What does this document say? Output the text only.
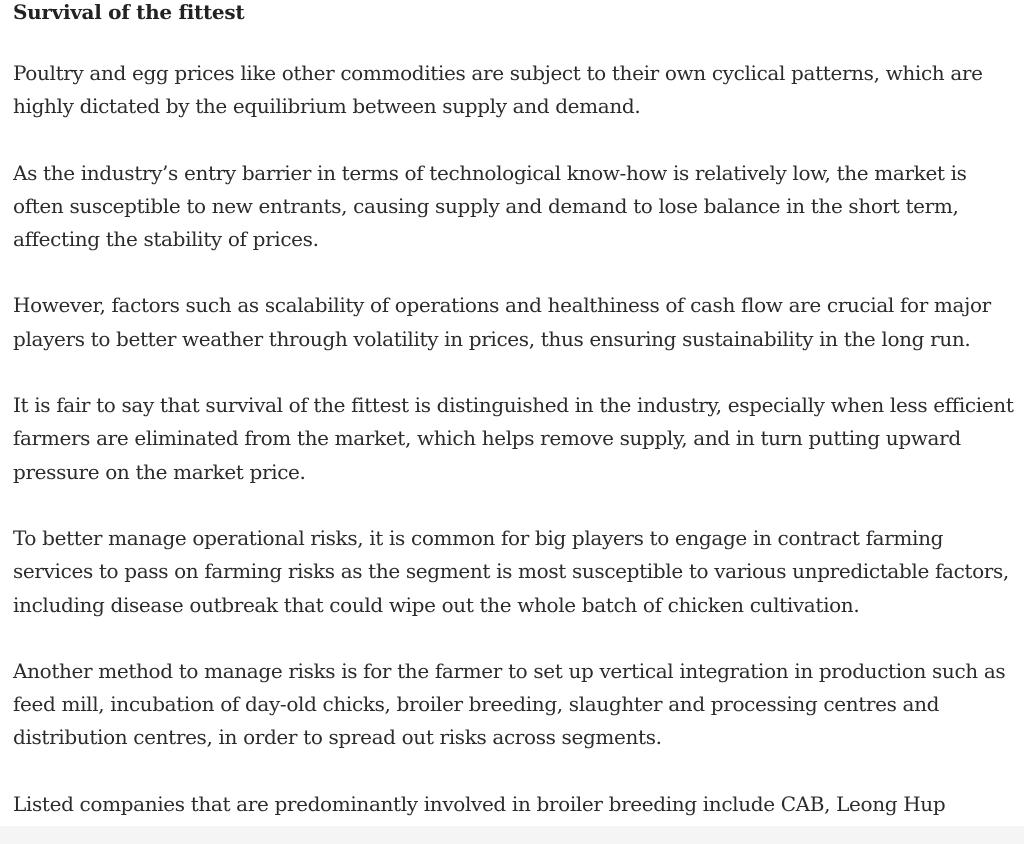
Survival of the fittest

Poultry and egg prices like other commodities are subject to their own cyclical patterns, which are highly dictated by the equilibrium between supply and demand.

As the industry’s entry barrier in terms of technological know-how is relatively low, the market is often susceptible to new entrants, causing supply and demand to lose balance in the short term, affecting the stability of prices.

However, factors such as scalability of operations and healthiness of cash flow are crucial for major players to better weather through volatility in prices, thus ensuring sustainability in the long run.

It is fair to say that survival of the fittest is distinguished in the industry, especially when less efficient farmers are eliminated from the market, which helps remove supply, and in turn putting upward pressure on the market price.

To better manage operational risks, it is common for big players to engage in contract farming services to pass on farming risks as the segment is most susceptible to various unpredictable factors, including disease outbreak that could wipe out the whole batch of chicken cultivation.

Another method to manage risks is for the farmer to set up vertical integration in production such as feed mill, incubation of day-old chicks, broiler breeding, slaughter and processing centres and distribution centres, in order to spread out risks across segments.

Listed companies that are predominantly involved in broiler breeding include CAB, Leong Hup
